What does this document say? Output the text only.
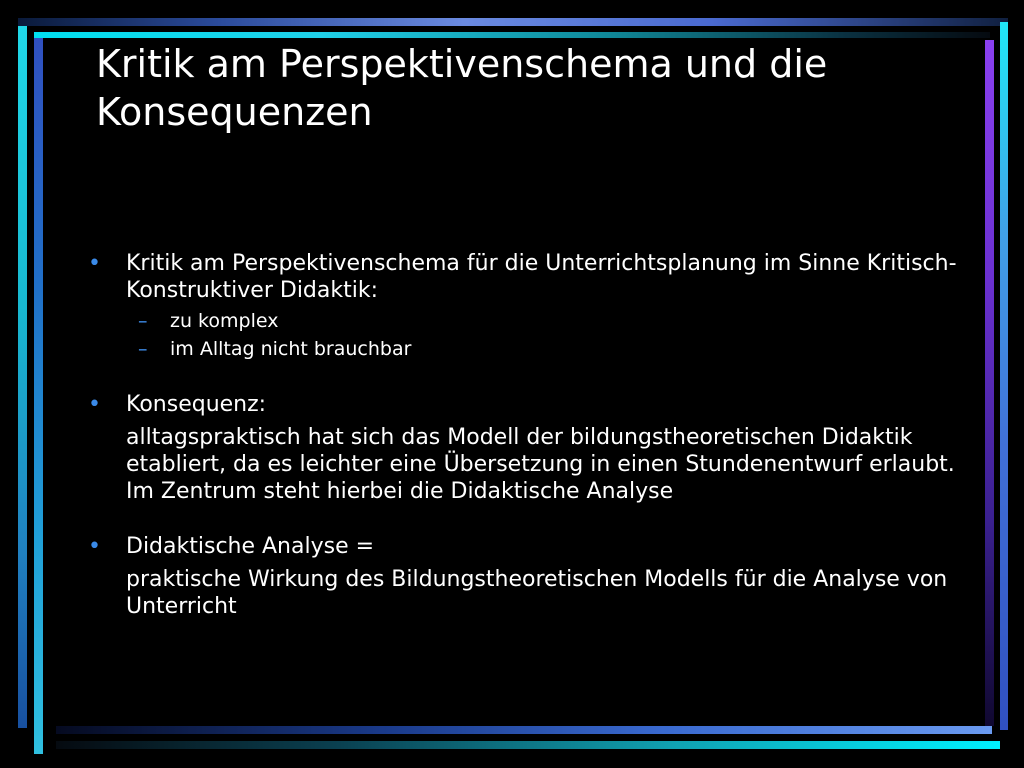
Kritik am Perspektivenschema und die Konsequenzen
• Kritik am Perspektivenschema für die Unterrichtsplanung im Sinne Kritisch-Konstruktiver Didaktik:
– zu komplex
– im Alltag nicht brauchbar
• Konsequenz:
alltagspraktisch hat sich das Modell der bildungstheoretischen Didaktik etabliert, da es leichter eine Übersetzung in einen Stundenentwurf erlaubt. Im Zentrum steht hierbei die Didaktische Analyse
• Didaktische Analyse =
praktische Wirkung des Bildungstheoretischen Modells für die Analyse von Unterricht
